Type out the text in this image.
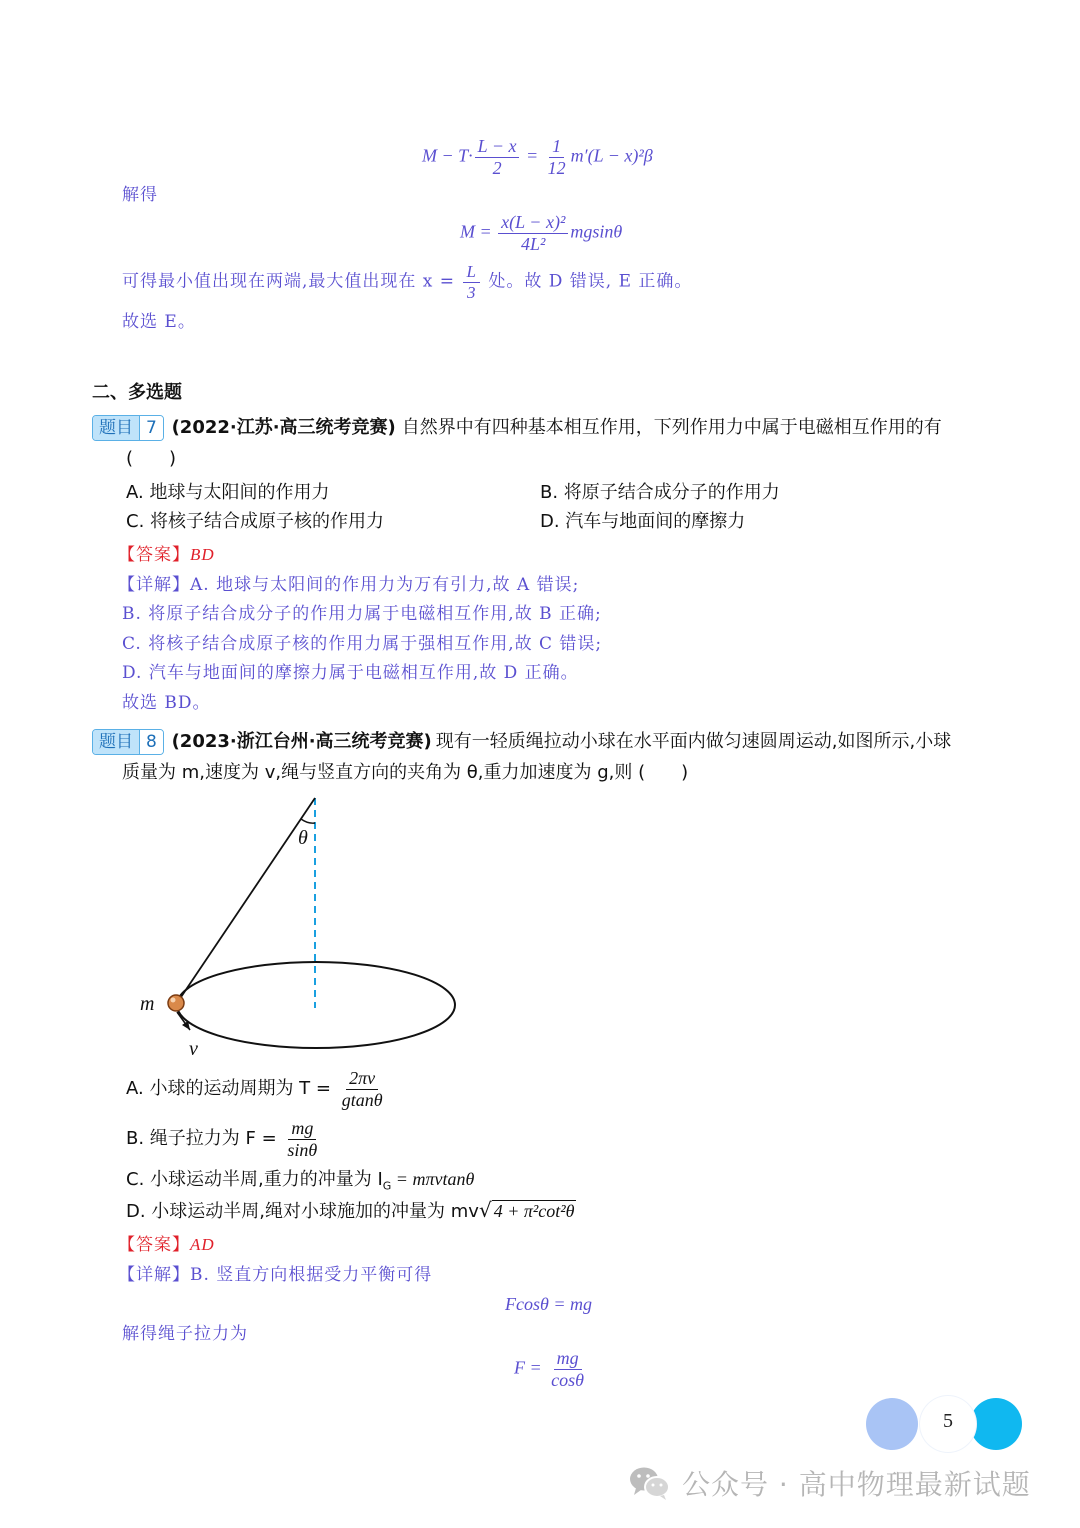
$M - T\cdot \frac{L - x}{2} = \frac{1}{12} m'(L - x)^2\beta$
解得
$M = \frac{\text{x(L − x)²}}{\text{4L²}}$ mgsinθ
可得最小值出现在两端,最大值出现在 $x = \frac{L}{3}$ 处。故 D 错误, E 正确。
故选 E。
二、多选题
题目 7 (2022·江苏·高三统考竞赛) 自然界中有四种基本相互作用，下列作用力中属于电磁相互作用的有
(　　)
A. 地球与太阳间的作用力	B. 将原子结合成分子的作用力
C. 将核子结合成原子核的作用力	D. 汽车与地面间的摩擦力
【答案】BD
【详解】A. 地球与太阳间的作用力为万有引力,故 A 错误;
B. 将原子结合成分子的作用力属于电磁相互作用,故 B 正确;
C. 将核子结合成原子核的作用力属于强相互作用,故 C 错误;
D. 汽车与地面间的摩擦力属于电磁相互作用,故 D 正确。
故选 BD。
题目 8 (2023·浙江台州·高三统考竞赛) 现有一轻质绳拉动小球在水平面内做匀速圆周运动,如图所示,小球
质量为 m,速度为 v,绳与竖直方向的夹角为 θ,重力加速度为 g,则 (　　)
θ
m
v
A. 小球的运动周期为 $T = \frac{2\pi v}{gtan\theta}$
B. 绳子拉力为 $F = \frac{mg}{\sin\theta}$
C. 小球运动半周,重力的冲量为 $I_G = m\pi vtan\theta$
D. 小球运动半周,绳对小球施加的冲量为 mv√ 4 + π²cot²θ
【答案】AD
【详解】B. 竖直方向根据受力平衡可得
Fcosθ = mg
解得绳子拉力为
$F = \frac{mg}{\cos\theta}$
5
公众号 · 高中物理最新试题
